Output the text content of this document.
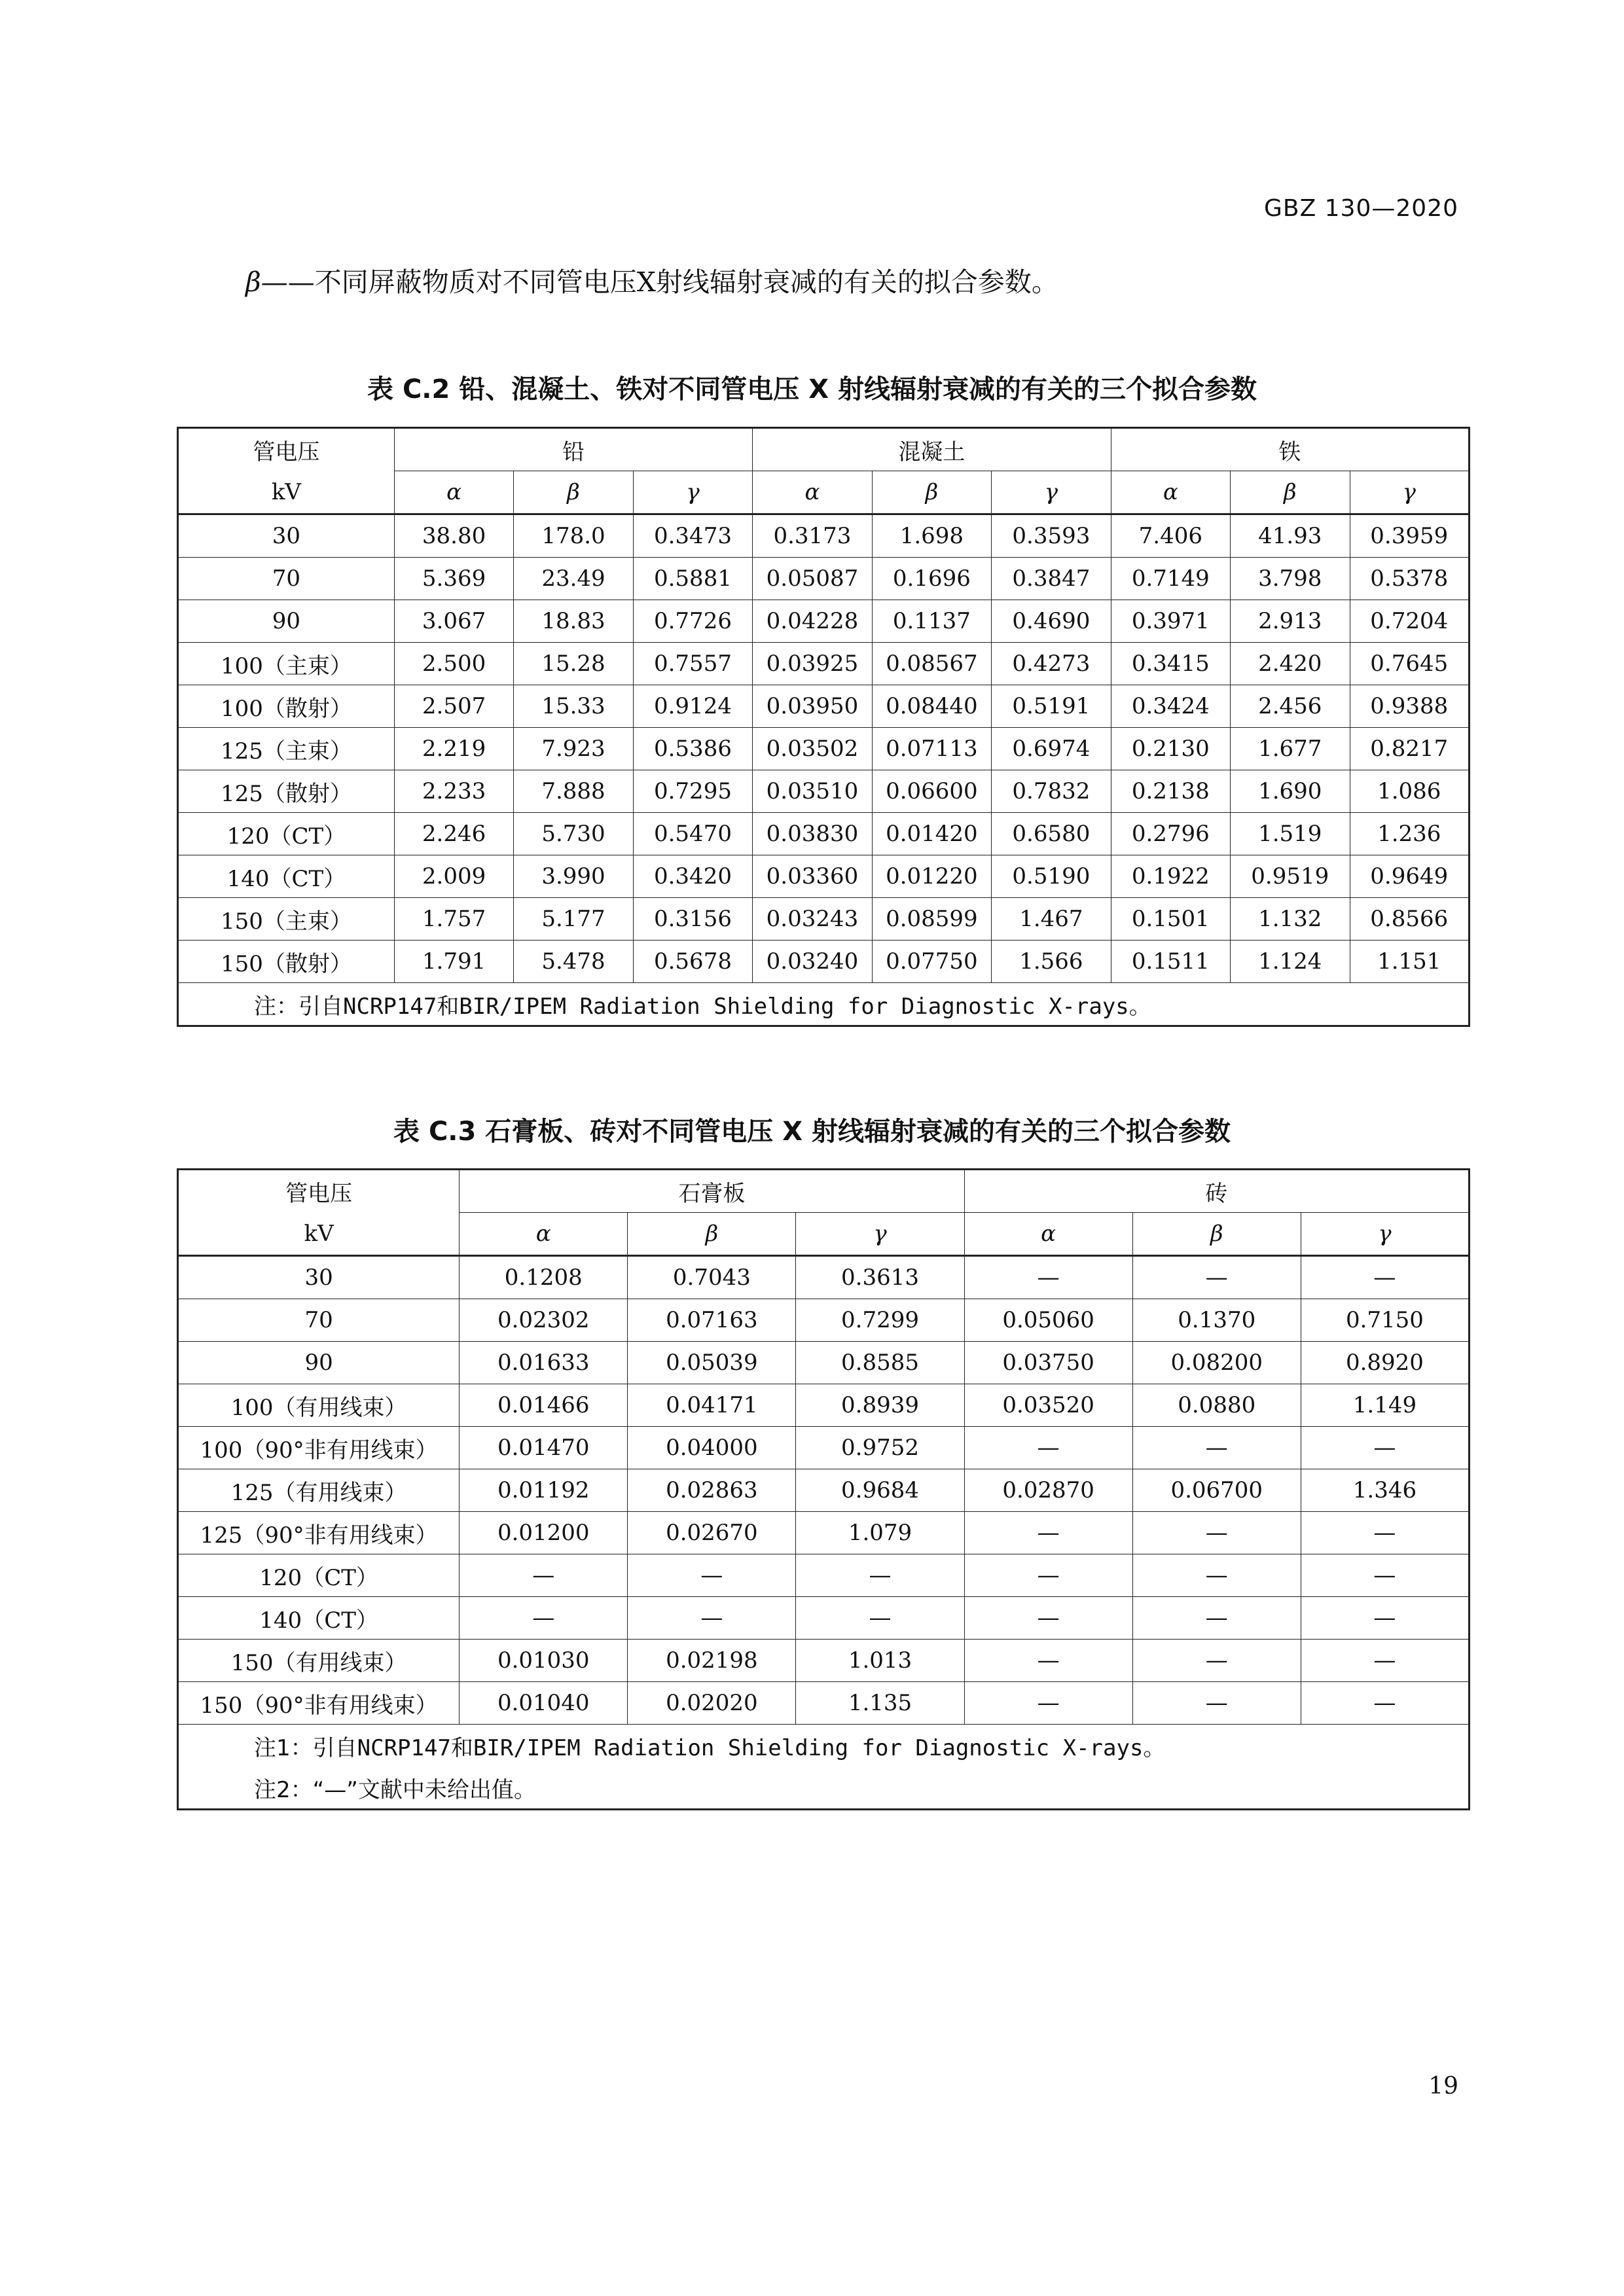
GBZ 130—2020
β——不同屏蔽物质对不同管电压X射线辐射衰减的有关的拟合参数。
表 C.2 铅、混凝土、铁对不同管电压 X 射线辐射衰减的有关的三个拟合参数
管电压	铅			混凝土			铁		
kV	α	β	γ	α	β	γ	α	β	γ
30	38.80	178.0	0.3473	0.3173	1.698	0.3593	7.406	41.93	0.3959
70	5.369	23.49	0.5881	0.05087	0.1696	0.3847	0.7149	3.798	0.5378
90	3.067	18.83	0.7726	0.04228	0.1137	0.4690	0.3971	2.913	0.7204
100（主束）	2.500	15.28	0.7557	0.03925	0.08567	0.4273	0.3415	2.420	0.7645
100（散射）	2.507	15.33	0.9124	0.03950	0.08440	0.5191	0.3424	2.456	0.9388
125（主束）	2.219	7.923	0.5386	0.03502	0.07113	0.6974	0.2130	1.677	0.8217
125（散射）	2.233	7.888	0.7295	0.03510	0.06600	0.7832	0.2138	1.690	1.086
120（CT）	2.246	5.730	0.5470	0.03830	0.01420	0.6580	0.2796	1.519	1.236
140（CT）	2.009	3.990	0.3420	0.03360	0.01220	0.5190	0.1922	0.9519	0.9649
150（主束）	1.757	5.177	0.3156	0.03243	0.08599	1.467	0.1501	1.132	0.8566
150（散射）	1.791	5.478	0.5678	0.03240	0.07750	1.566	0.1511	1.124	1.151
注：引自NCRP147和BIR/IPEM Radiation Shielding for Diagnostic X-rays。									
表 C.3 石膏板、砖对不同管电压 X 射线辐射衰减的有关的三个拟合参数
管电压	石膏板			砖		
kV	α	β	γ	α	β	γ
30	0.1208	0.7043	0.3613	—	—	—
70	0.02302	0.07163	0.7299	0.05060	0.1370	0.7150
90	0.01633	0.05039	0.8585	0.03750	0.08200	0.8920
100（有用线束）	0.01466	0.04171	0.8939	0.03520	0.0880	1.149
100（90°非有用线束）	0.01470	0.04000	0.9752	—	—	—
125（有用线束）	0.01192	0.02863	0.9684	0.02870	0.06700	1.346
125（90°非有用线束）	0.01200	0.02670	1.079	—	—	—
120（CT）	—	—	—	—	—	—
140（CT）	—	—	—	—	—	—
150（有用线束）	0.01030	0.02198	1.013	—	—	—
150（90°非有用线束）	0.01040	0.02020	1.135	—	—	—
注1：引自NCRP147和BIR/IPEM Radiation Shielding for Diagnostic X-rays。						
注2：“—”文献中未给出值。						
19
